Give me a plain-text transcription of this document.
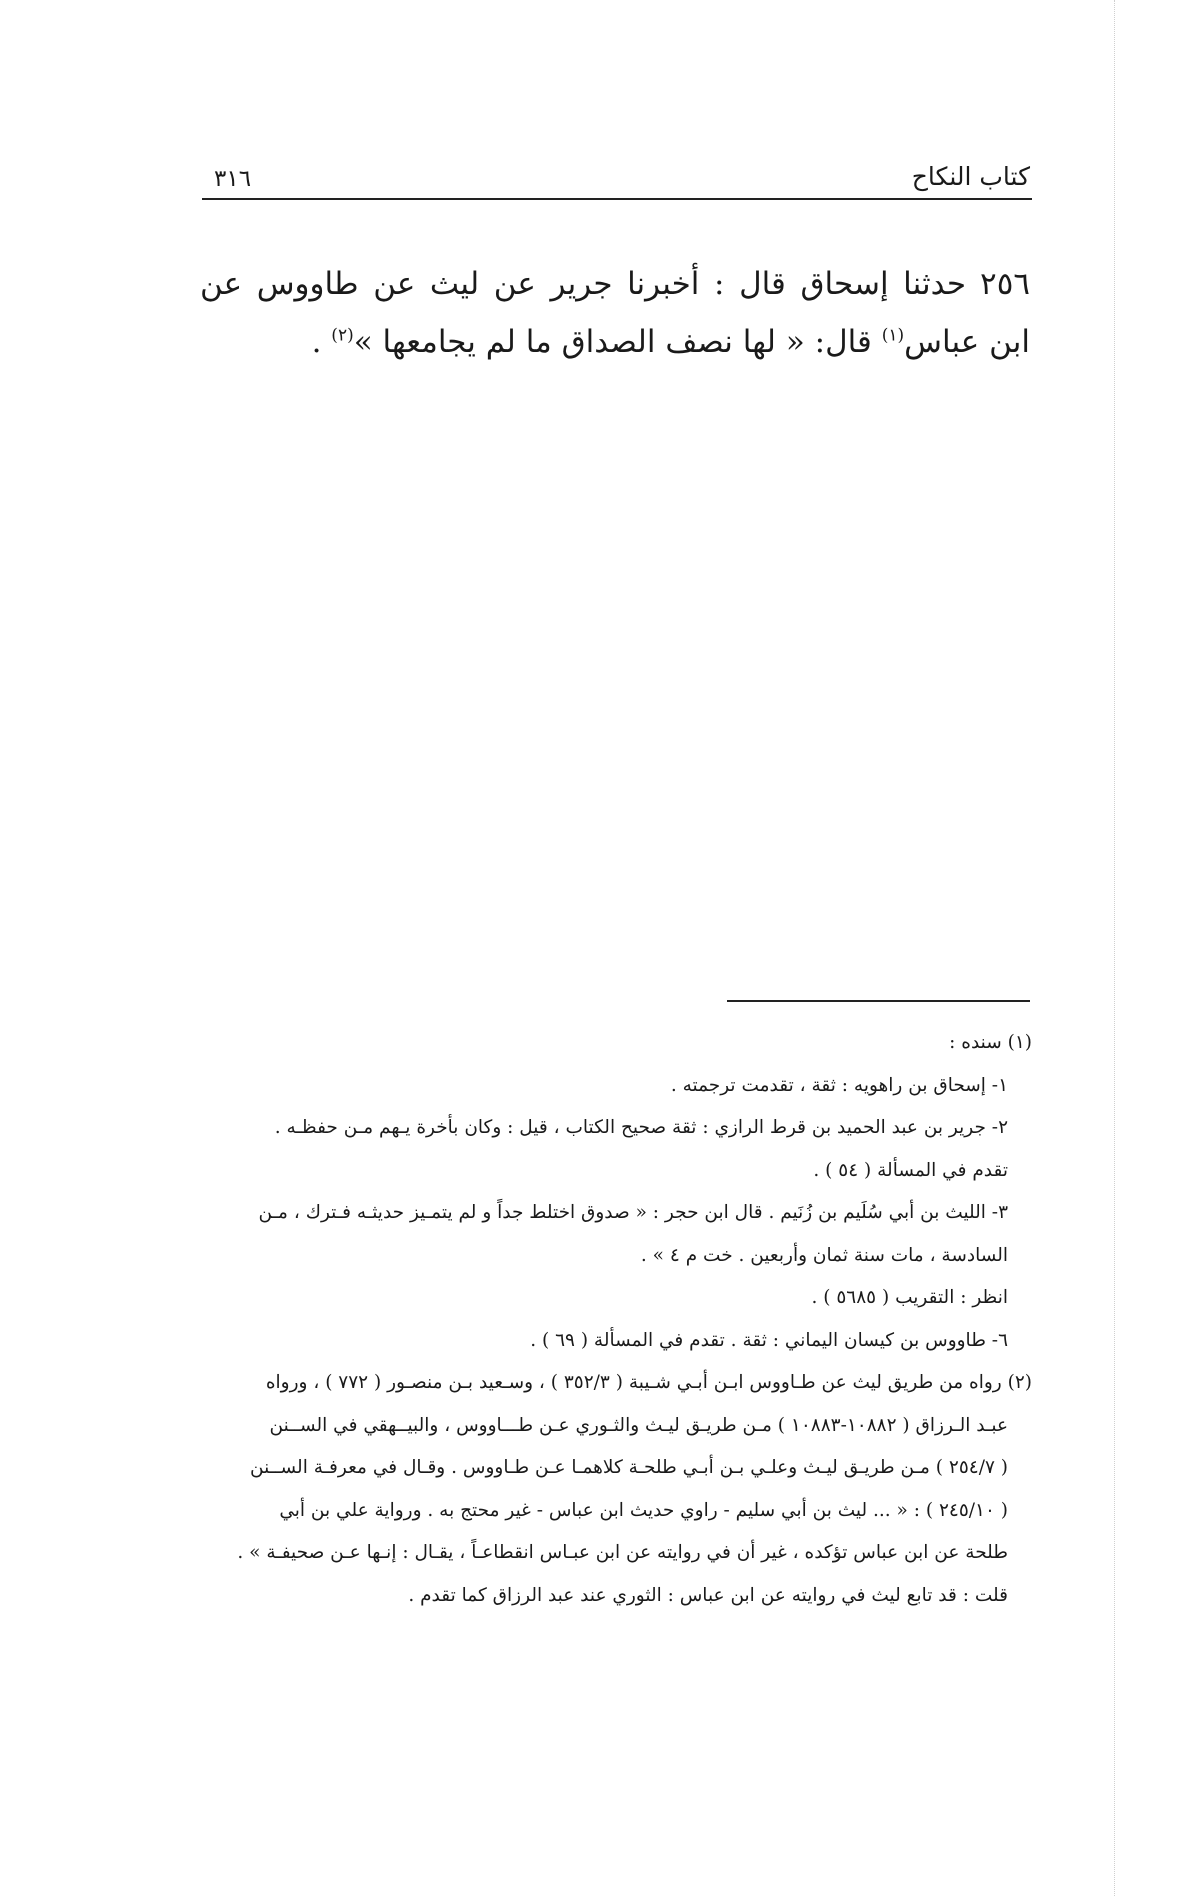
كتاب النكاح
٣١٦
٢٥٦حدثنا إسحاق قال : أخبرنا جرير عن ليث عن طاووس عن ابن عباس$^{(١)}$ قال: « لها نصف الصداق ما لم يجامعها »$^{(٢)}$ .
(١) سنده :
١- إسحاق بن راهويه : ثقة ، تقدمت ترجمته .
٢- جرير بن عبد الحميد بن قرط الرازي : ثقة صحيح الكتاب ، قيل : وكان بأخرة يـهم مـن حفظـه .
تقدم في المسألة ( ٥٤ ) .
٣- الليث بن أبي سُلَيم بن زُنَيم . قال ابن حجر : « صدوق اختلط جداً و لم يتمـيز حديثـه فـترك ، مـن
السادسة ، مات سنة ثمان وأربعين . خت م ٤ » .
انظر : التقريب ( ٥٦٨٥ ) .
٦- طاووس بن كيسان اليماني : ثقة . تقدم في المسألة ( ٦٩ ) .
(٢) رواه من طريق ليث عن طـاووس ابـن أبـي شـيبة ( ٣٥٢/٣ ) ، وسـعيد بـن منصـور ( ٧٧٢ ) ، ورواه
عبـد الـرزاق ( ١٠٨٨٢-١٠٨٨٣ ) مـن طريـق ليـث والثـوري عـن طـــاووس ، والبيــهقي في الســنن
( ٢٥٤/٧ ) مـن طريـق ليـث وعلـي بـن أبـي طلحـة كلاهمـا عـن طـاووس . وقـال في معرفـة الســنن
( ٢٤٥/١٠ ) : « ... ليث بن أبي سليم - راوي حديث ابن عباس - غير محتج به . ورواية علي بن أبي
طلحة عن ابن عباس تؤكده ، غير أن في روايته عن ابن عبـاس انقطاعـاً ، يقـال : إنـها عـن صحيفـة » .
قلت : قد تابع ليث في روايته عن ابن عباس : الثوري عند عبد الرزاق كما تقدم .
